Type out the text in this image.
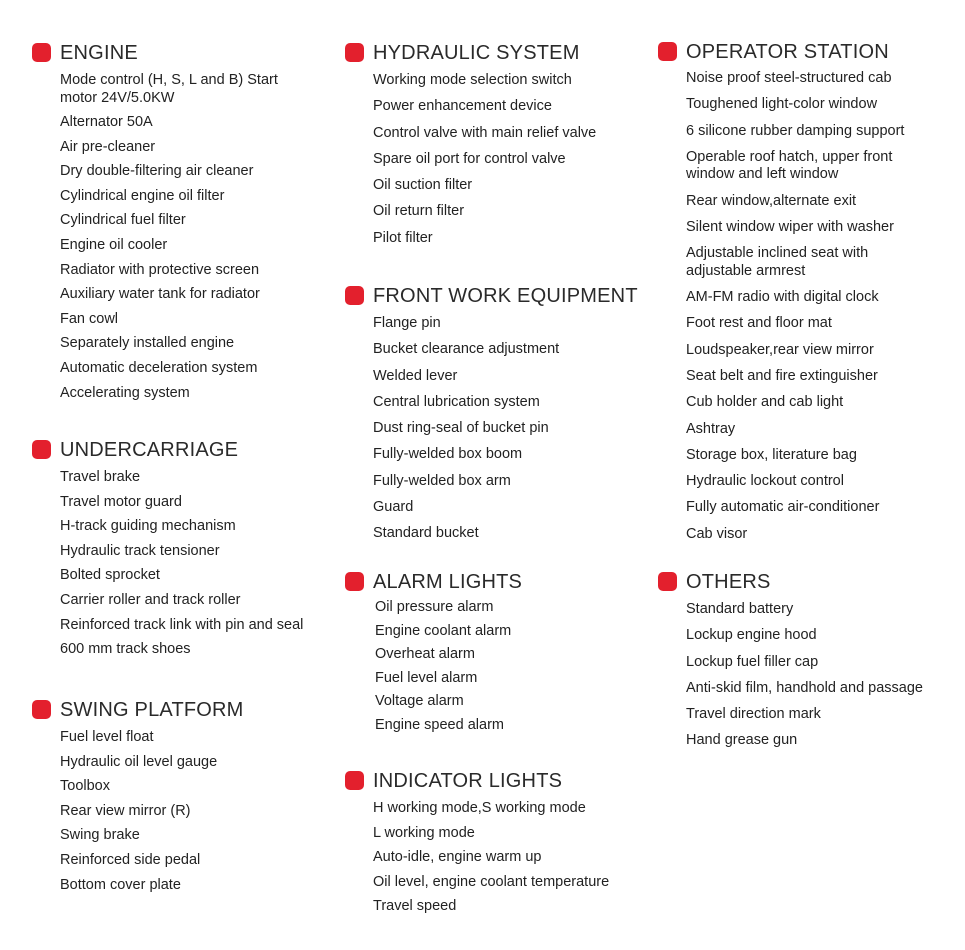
ENGINE
Mode control (H, S, L and B) Start
motor 24V/5.0KW
Alternator 50A
Air pre-cleaner
Dry double-filtering air cleaner
Cylindrical engine oil filter
Cylindrical fuel filter
Engine oil cooler
Radiator with protective screen
Auxiliary water tank for radiator
Fan cowl
Separately installed engine
Automatic deceleration system
Accelerating system
UNDERCARRIAGE
Travel brake
Travel motor guard
H-track guiding mechanism
Hydraulic track tensioner
Bolted sprocket
Carrier roller and track roller
Reinforced track link with pin and seal
600 mm track shoes
SWING PLATFORM
Fuel level float
Hydraulic oil level gauge
Toolbox
Rear view mirror (R)
Swing brake
Reinforced side pedal
Bottom cover plate
HYDRAULIC SYSTEM
Working mode selection switch
Power enhancement device
Control valve with main relief valve
Spare oil port for control valve
Oil suction filter
Oil return filter
Pilot filter
FRONT WORK EQUIPMENT
Flange pin
Bucket clearance adjustment
Welded lever
Central lubrication system
Dust ring-seal of bucket pin
Fully-welded box boom
Fully-welded box arm
Guard
Standard bucket
ALARM LIGHTS
Oil pressure alarm
Engine coolant alarm
Overheat alarm
Fuel level alarm
Voltage alarm
Engine speed alarm
INDICATOR LIGHTS
H working mode,S working mode
L working mode
Auto-idle, engine warm up
Oil level, engine coolant temperature
Travel speed
OPERATOR STATION
Noise proof steel-structured cab
Toughened light-color window
6 silicone rubber damping support
Operable roof hatch, upper front
window and left window
Rear window,alternate exit
Silent window wiper with washer
Adjustable inclined seat with
adjustable armrest
AM-FM radio with digital clock
Foot rest and floor mat
Loudspeaker,rear view mirror
Seat belt and fire extinguisher
Cub holder and cab light
Ashtray
Storage box, literature bag
Hydraulic lockout control
Fully automatic air-conditioner
Cab visor
OTHERS
Standard battery
Lockup engine hood
Lockup fuel filler cap
Anti-skid film, handhold and passage
Travel direction mark
Hand grease gun
